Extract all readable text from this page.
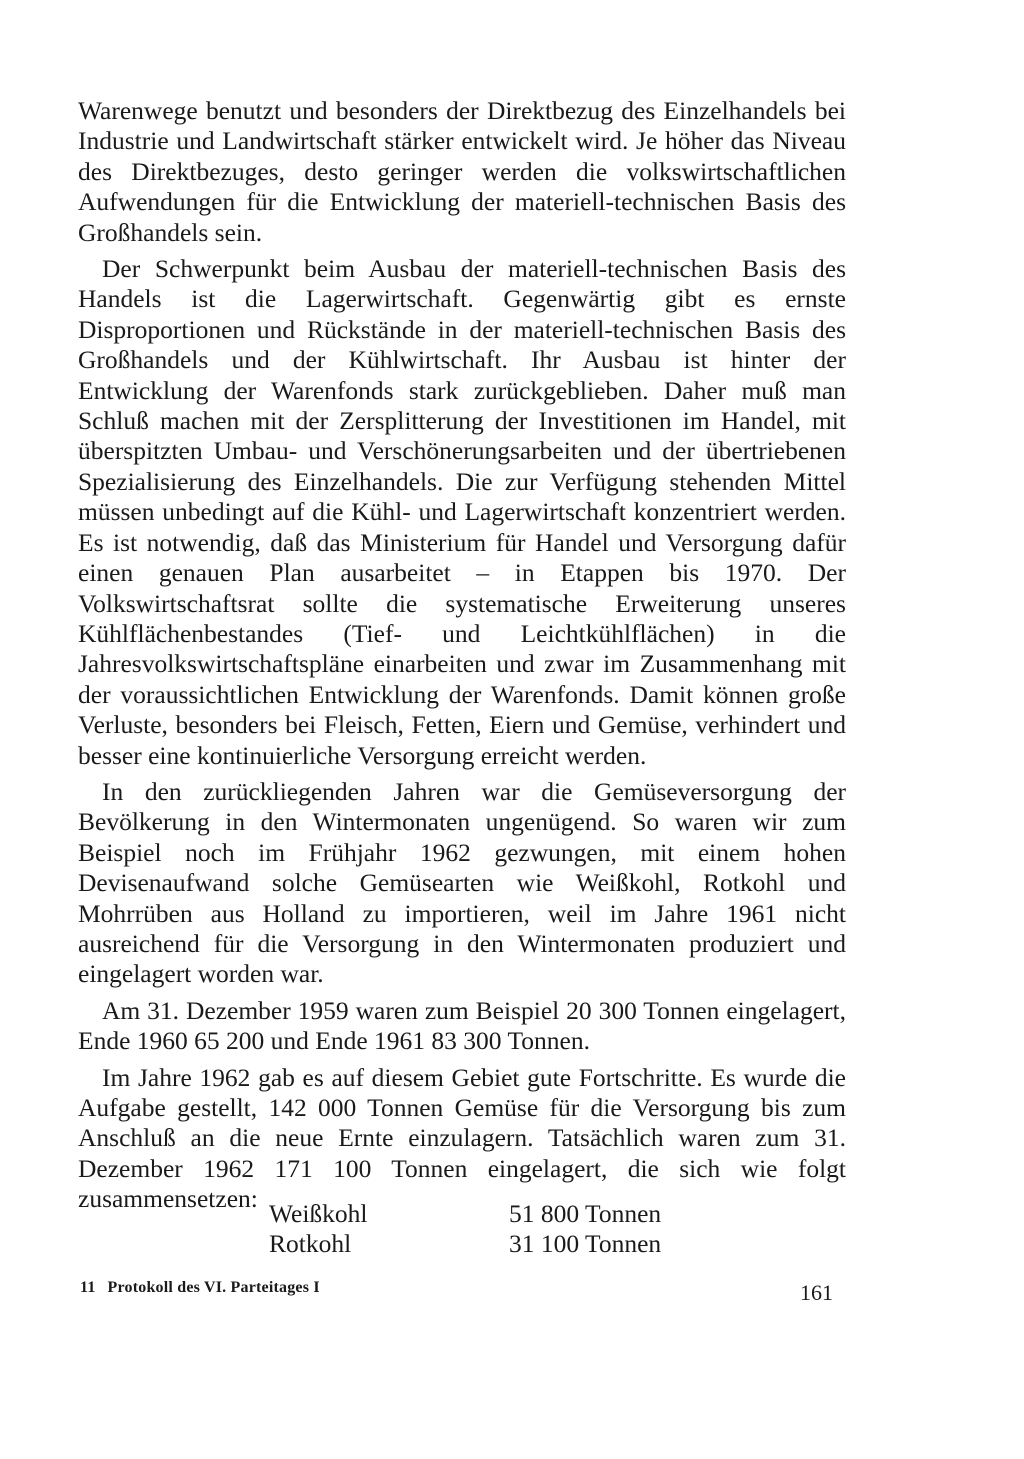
Warenwege benutzt und besonders der Direktbezug des Einzelhandels bei Industrie und Landwirtschaft stärker entwickelt wird. Je höher das Niveau des Direktbezuges, desto geringer werden die volkswirtschaftlichen Aufwendungen für die Entwicklung der materiell-technischen Basis des Großhandels sein.

Der Schwerpunkt beim Ausbau der materiell-technischen Basis des Handels ist die Lagerwirtschaft. Gegenwärtig gibt es ernste Disproportionen und Rückstände in der materiell-technischen Basis des Großhandels und der Kühlwirtschaft. Ihr Ausbau ist hinter der Entwicklung der Warenfonds stark zurückgeblieben. Daher muß man Schluß machen mit der Zersplitterung der Investitionen im Handel, mit überspitzten Umbau- und Verschönerungsarbeiten und der übertriebenen Spezialisierung des Einzelhandels. Die zur Verfügung stehenden Mittel müssen unbedingt auf die Kühl- und Lagerwirtschaft konzentriert werden. Es ist notwendig, daß das Ministerium für Handel und Versorgung dafür einen genauen Plan ausarbeitet – in Etappen bis 1970. Der Volkswirtschaftsrat sollte die systematische Erweiterung unseres Kühlflächenbestandes (Tief- und Leichtkühlflächen) in die Jahresvolkswirtschaftspläne einarbeiten und zwar im Zusammenhang mit der voraussichtlichen Entwicklung der Warenfonds. Damit können große Verluste, besonders bei Fleisch, Fetten, Eiern und Gemüse, verhindert und besser eine kontinuierliche Versorgung erreicht werden.

In den zurückliegenden Jahren war die Gemüseversorgung der Bevölkerung in den Wintermonaten ungenügend. So waren wir zum Beispiel noch im Frühjahr 1962 gezwungen, mit einem hohen Devisenaufwand solche Gemüsearten wie Weißkohl, Rotkohl und Mohrrüben aus Holland zu importieren, weil im Jahre 1961 nicht ausreichend für die Versorgung in den Wintermonaten produziert und eingelagert worden war.

Am 31. Dezember 1959 waren zum Beispiel 20 300 Tonnen eingelagert, Ende 1960 65 200 und Ende 1961 83 300 Tonnen.

Im Jahre 1962 gab es auf diesem Gebiet gute Fortschritte. Es wurde die Aufgabe gestellt, 142 000 Tonnen Gemüse für die Versorgung bis zum Anschluß an die neue Ernte einzulagern. Tatsächlich waren zum 31. Dezember 1962 171 100 Tonnen eingelagert, die sich wie folgt zusammensetzen:

Weißkohl	51 800 Tonnen
Rotkohl	31 100 Tonnen
11 Protokoll des VI. Parteitages I	161
